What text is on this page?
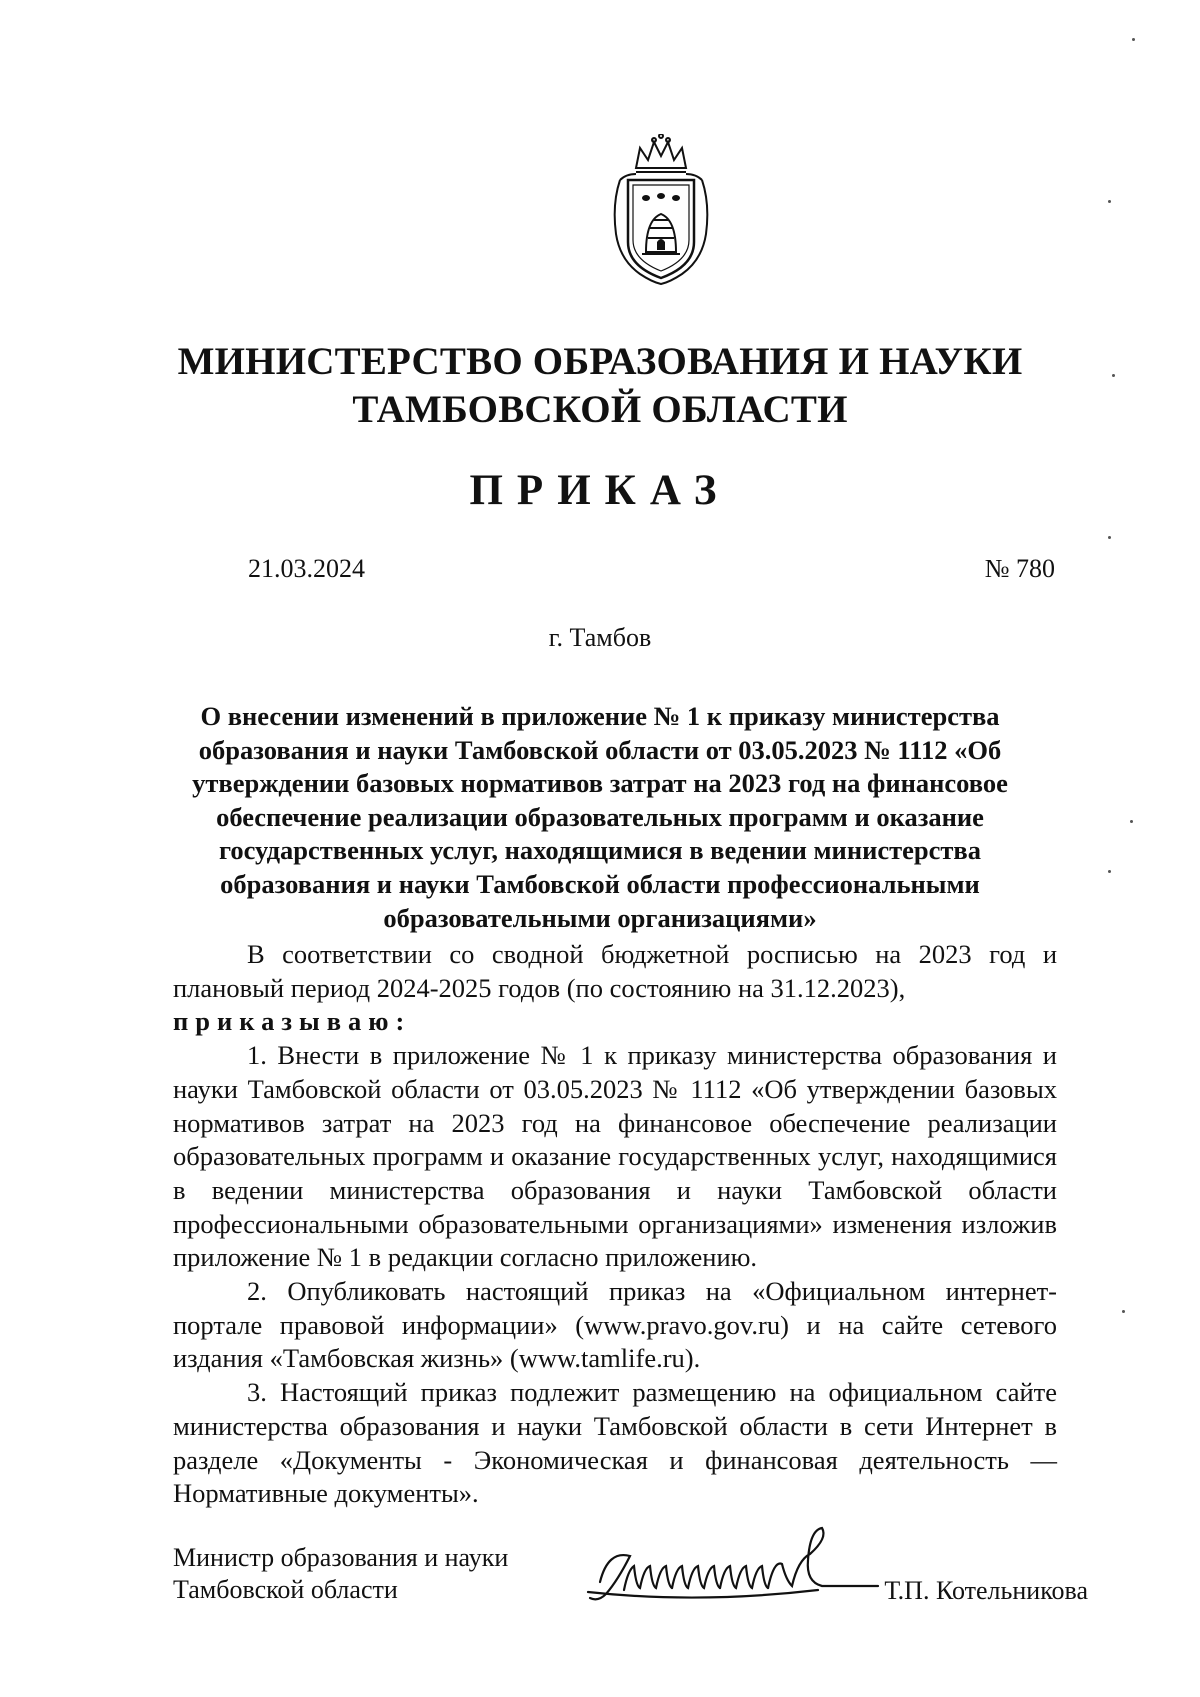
МИНИСТЕРСТВО ОБРАЗОВАНИЯ И НАУКИ
ТАМБОВСКОЙ ОБЛАСТИ
ПРИКАЗ
21.03.2024	№ 780
г. Тамбов
О внесении изменений в приложение № 1 к приказу министерства образования и науки Тамбовской области от 03.05.2023 № 1112 «Об утверждении базовых нормативов затрат на 2023 год на финансовое обеспечение реализации образовательных программ и оказание государственных услуг, находящимися в ведении министерства образования и науки Тамбовской области профессиональными образовательными организациями»

В соответствии со сводной бюджетной росписью на 2023 год и плановый период 2024-2025 годов (по состоянию на 31.12.2023),
приказываю:

1. Внести в приложение № 1 к приказу министерства образования и науки Тамбовской области от 03.05.2023 № 1112 «Об утверждении базовых нормативов затрат на 2023 год на финансовое обеспечение реализации образовательных программ и оказание государственных услуг, находящимися в ведении министерства образования и науки Тамбовской области профессиональными образовательными организациями» изменения изложив приложение № 1 в редакции согласно приложению.

2. Опубликовать настоящий приказ на «Официальном интернет-портале правовой информации» (www.pravo.gov.ru) и на сайте сетевого издания «Тамбовская жизнь» (www.tamlife.ru).

3. Настоящий приказ подлежит размещению на официальном сайте министерства образования и науки Тамбовской области в сети Интернет в разделе «Документы - Экономическая и финансовая деятельность — Нормативные документы».

Министр образования и науки
Тамбовской области	Т.П. Котельникова
